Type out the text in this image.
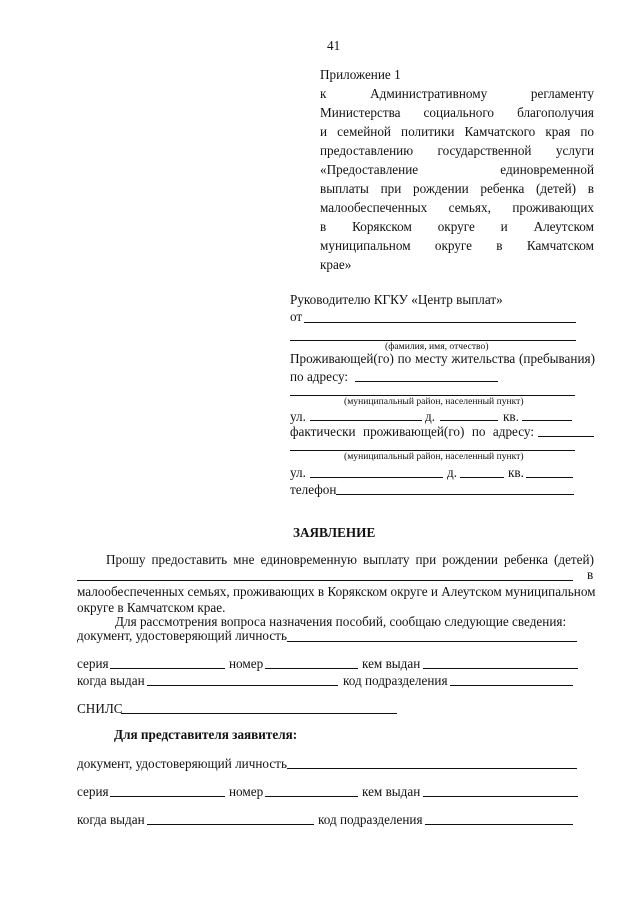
41
Приложение 1
к Административному регламенту
Министерства социального благополучия
и семейной политики Камчатского края по
предоставлению государственной услуги
«Предоставление единовременной
выплаты при рождении ребенка (детей) в
малообеспеченных семьях, проживающих
в Корякском округе и Алеутском
муниципальном округе в Камчатском
крае»
Руководителю КГКУ «Центр выплат»
от
(фамилия, имя, отчество)
Проживающей(го) по месту жительства (пребывания)
по адресу:
(муниципальный район, населенный пункт)
ул.	д.	кв.
фактически проживающей(го) по адресу:
(муниципальный район, населенный пункт)
ул.	д.	кв.
телефон
ЗАЯВЛЕНИЕ
Прошу предоставить мне единовременную выплату при рождении ребенка (детей)
в
малообеспеченных семьях, проживающих в Корякском округе и Алеутском муниципальном
округе в Камчатском крае.
Для рассмотрения вопроса назначения пособий, сообщаю следующие сведения:
документ, удостоверяющий личность
серия	номер	кем выдан
когда выдан	код подразделения
СНИЛС
Для представителя заявителя:
документ, удостоверяющий личность
серия	номер	кем выдан
когда выдан	код подразделения
